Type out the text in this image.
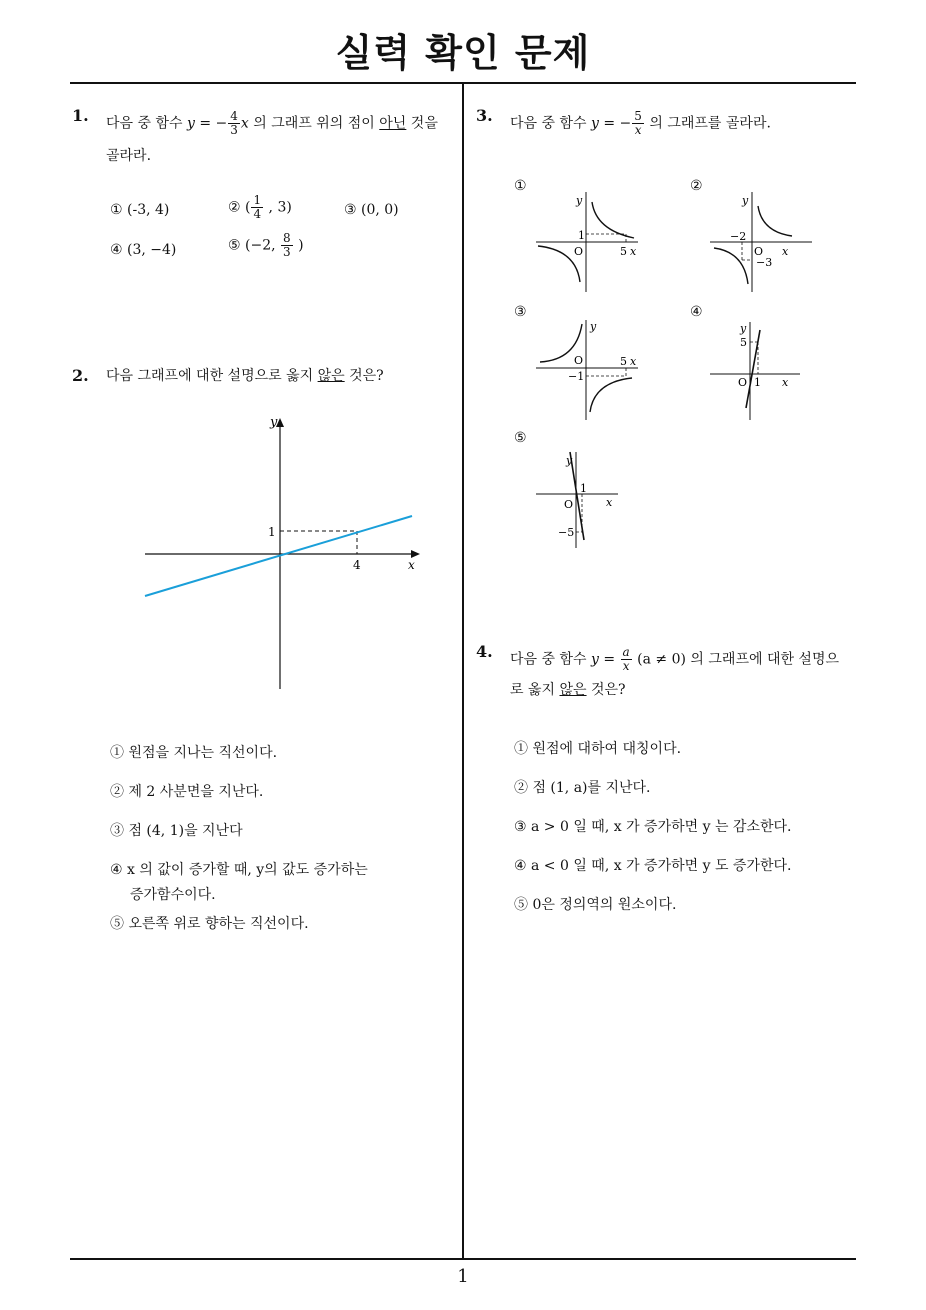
실력 확인 문제
1
1. 다음 중 함수 y = − $\frac{4}{3}$ x 의 그래프 위의 점이 아닌 것을
골라라.
① (-3, 4)	② ( $\frac{1}{4}$ , 3)	③ (0, 0)
④ (3, −4)	⑤ (−2, $\frac{8}{3}$ )
2. 다음 그래프에 대한 설명으로 옳지 않은 것은?
y
1
4	x
① 원점을 지나는 직선이다.
② 제 2 사분면을 지난다.
③ 점 (4, 1)을 지난다
④ x 의 값이 증가할 때, y의 값도 증가하는
증가함수이다.
⑤ 오른쪽 위로 향하는 직선이다.
3. 다음 중 함수 y = − $\frac{5}{x}$ 의 그래프를 골라라.
①
y
1
O	5 x
②
y
−2
O
−3
x
③
y
O	5 x
−1
④
y
5
O 1 x
⑤
y
1
O	x
−5
4. 다음 중 함수 $y = \frac{a}{x} (a \ne 0)$ 의 그래프에 대한 설명으
로 옳지 않은 것은?
① 원점에 대하여 대칭이다.
② 점 (1, a)를 지난다.
③ a > 0 일 때, x 가 증가하면 y 는 감소한다.
④ a < 0 일 때, x 가 증가하면 y 도 증가한다.
⑤ 0은 정의역의 원소이다.
